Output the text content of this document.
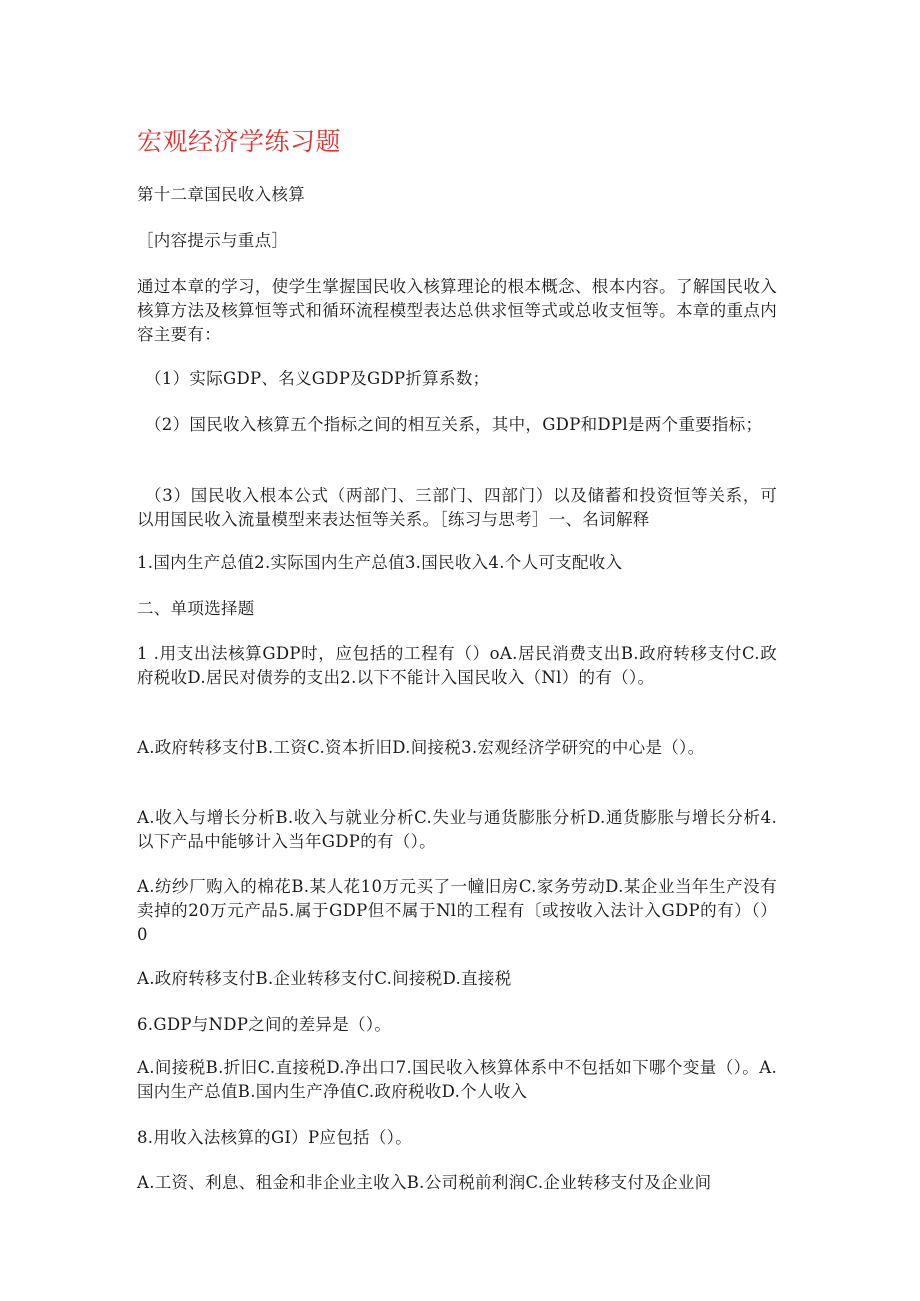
宏观经济学练习题
第十二章国民收入核算
［内容提示与重点］
通过本章的学习，使学生掌握国民收入核算理论的根本概念、根本内容。了解国民收入核算方法及核算恒等式和循环流程模型表达总供求恒等式或总收支恒等。本章的重点内容主要有：
（1）实际GDP、名义GDP及GDP折算系数；
（2）国民收入核算五个指标之间的相互关系，其中，GDP和DPl是两个重要指标；
（3）国民收入根本公式（两部门、三部门、四部门）以及储蓄和投资恒等关系，可以用国民收入流量模型来表达恒等关系。［练习与思考］一、名词解释
1.国内生产总值2.实际国内生产总值3.国民收入4.个人可支配收入
二、单项选择题
1 .用支出法核算GDP时，应包括的工程有（）oA.居民消费支出B.政府转移支付C.政府税收D.居民对债券的支出2.以下不能计入国民收入（Nl）的有（）。
A.政府转移支付B.工资C.资本折旧D.间接税3.宏观经济学研究的中心是（）。
A.收入与增长分析B.收入与就业分析C.失业与通货膨胀分析D.通货膨胀与增长分析4.以下产品中能够计入当年GDP的有（）。
A.纺纱厂购入的棉花B.某人花10万元买了一幢旧房C.家务劳动D.某企业当年生产没有卖掉的20万元产品5.属于GDP但不属于Nl的工程有〔或按收入法计入GDP的有）（）0
A.政府转移支付B.企业转移支付C.间接税D.直接税
6.GDP与NDP之间的差异是（）。
A.间接税B.折旧C.直接税D.净出口7.国民收入核算体系中不包括如下哪个变量（）。A.国内生产总值B.国内生产净值C.政府税收D.个人收入
8.用收入法核算的GI）P应包括（）。
A.工资、利息、租金和非企业主收入B.公司税前利润C.企业转移支付及企业间
